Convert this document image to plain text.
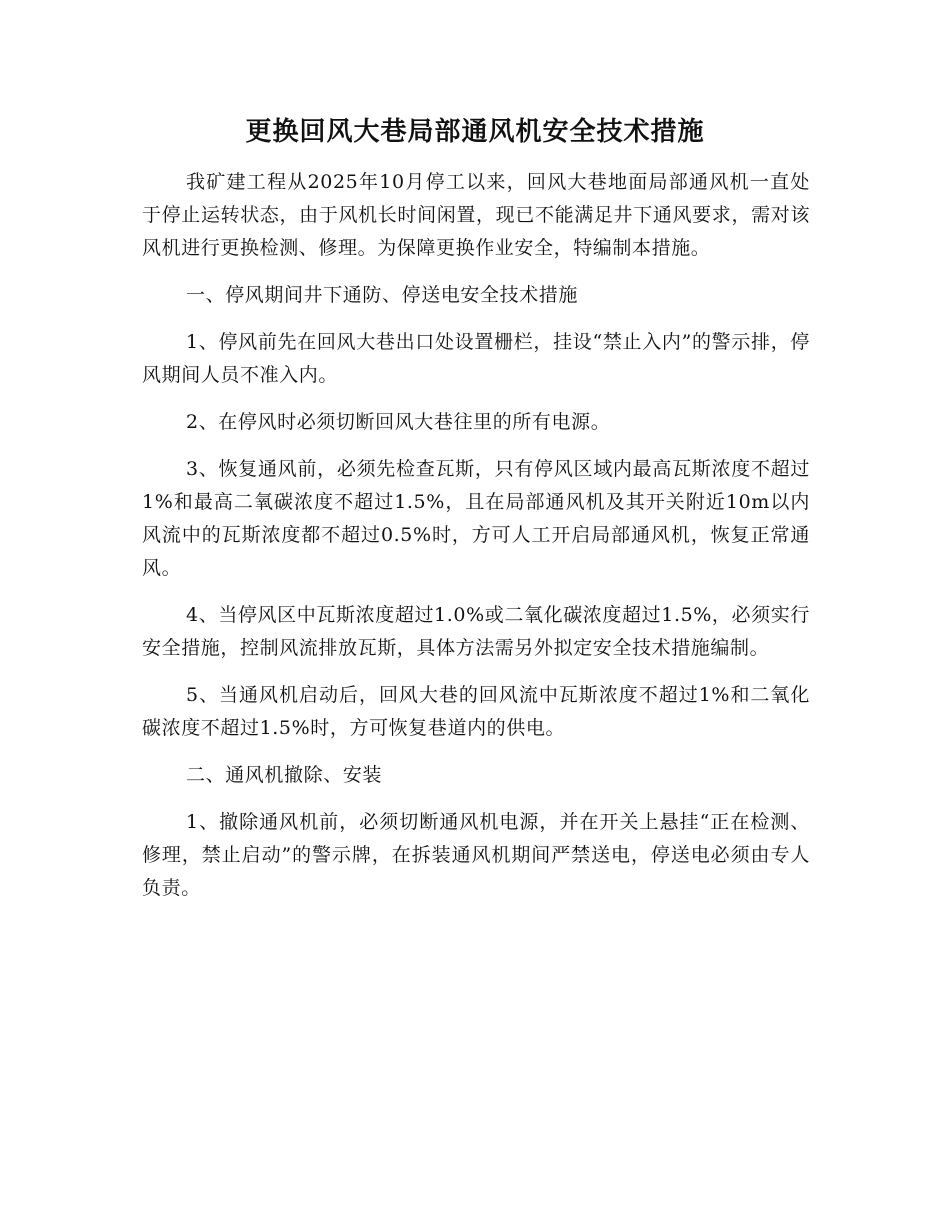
更换回风大巷局部通风机安全技术措施

我矿建工程从2025年10月停工以来，回风大巷地面局部通风机一直处于停止运转状态，由于风机长时间闲置，现已不能满足井下通风要求，需对该风机进行更换检测、修理。为保障更换作业安全，特编制本措施。

一、停风期间井下通防、停送电安全技术措施

1、停风前先在回风大巷出口处设置栅栏，挂设“禁止入内”的警示排，停风期间人员不准入内。

2、在停风时必须切断回风大巷往里的所有电源。

3、恢复通风前，必须先检查瓦斯，只有停风区域内最高瓦斯浓度不超过1%和最高二氧碳浓度不超过1.5%，且在局部通风机及其开关附近10m以内风流中的瓦斯浓度都不超过0.5%时，方可人工开启局部通风机，恢复正常通风。

4、当停风区中瓦斯浓度超过1.0%或二氧化碳浓度超过1.5%，必须实行安全措施，控制风流排放瓦斯，具体方法需另外拟定安全技术措施编制。

5、当通风机启动后，回风大巷的回风流中瓦斯浓度不超过1%和二氧化碳浓度不超过1.5%时，方可恢复巷道内的供电。

二、通风机撤除、安装

1、撤除通风机前，必须切断通风机电源，并在开关上悬挂“正在检测、修理，禁止启动”的警示牌，在拆装通风机期间严禁送电，停送电必须由专人负责。
